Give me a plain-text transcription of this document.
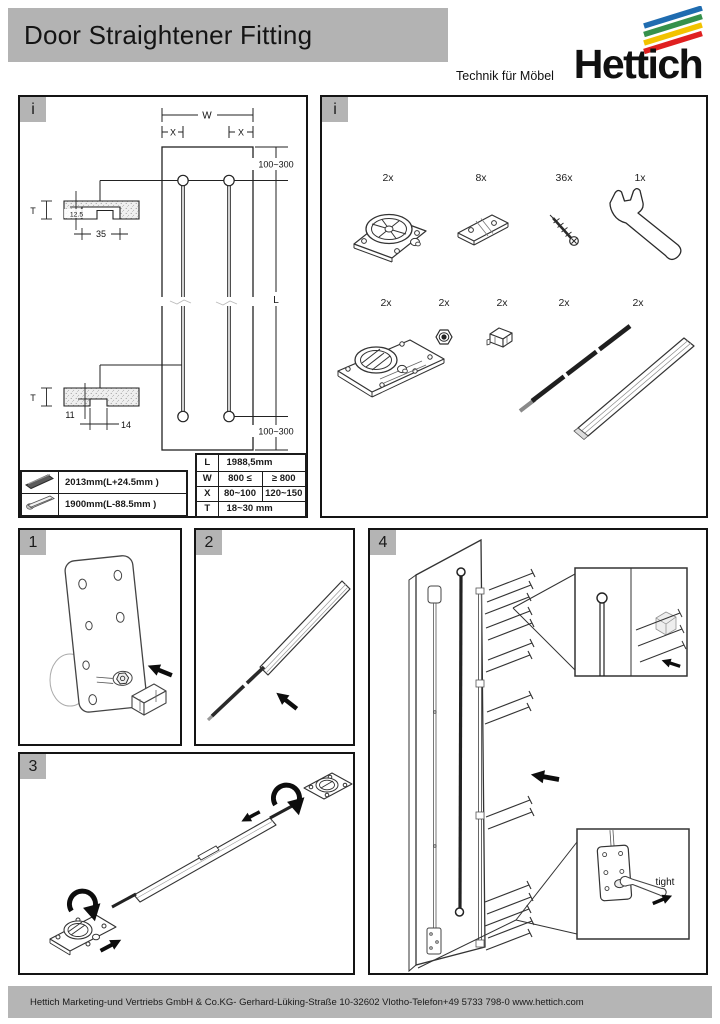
Door Straightener Fitting
Technik für Möbel Hettich
i	W
X	X
100~300
L
100~300
T	12.5
35
T
11
14
	2013mm(L+24.5mm )
	1900mm(L-88.5mm )
L	1988,5mm	
W	800 ≤	≥ 800
X	80~100	120~150
T	18~30 mm	
i
2x	8x	36x	1x
2x	2x	2x	2x	2x
1	2
3
4
tight
Hettich Marketing-und Vertriebs GmbH & Co.KG- Gerhard-Lüking-Straße 10-32602 Vlotho-Telefon+49 5733 798-0 www.hettich.com
